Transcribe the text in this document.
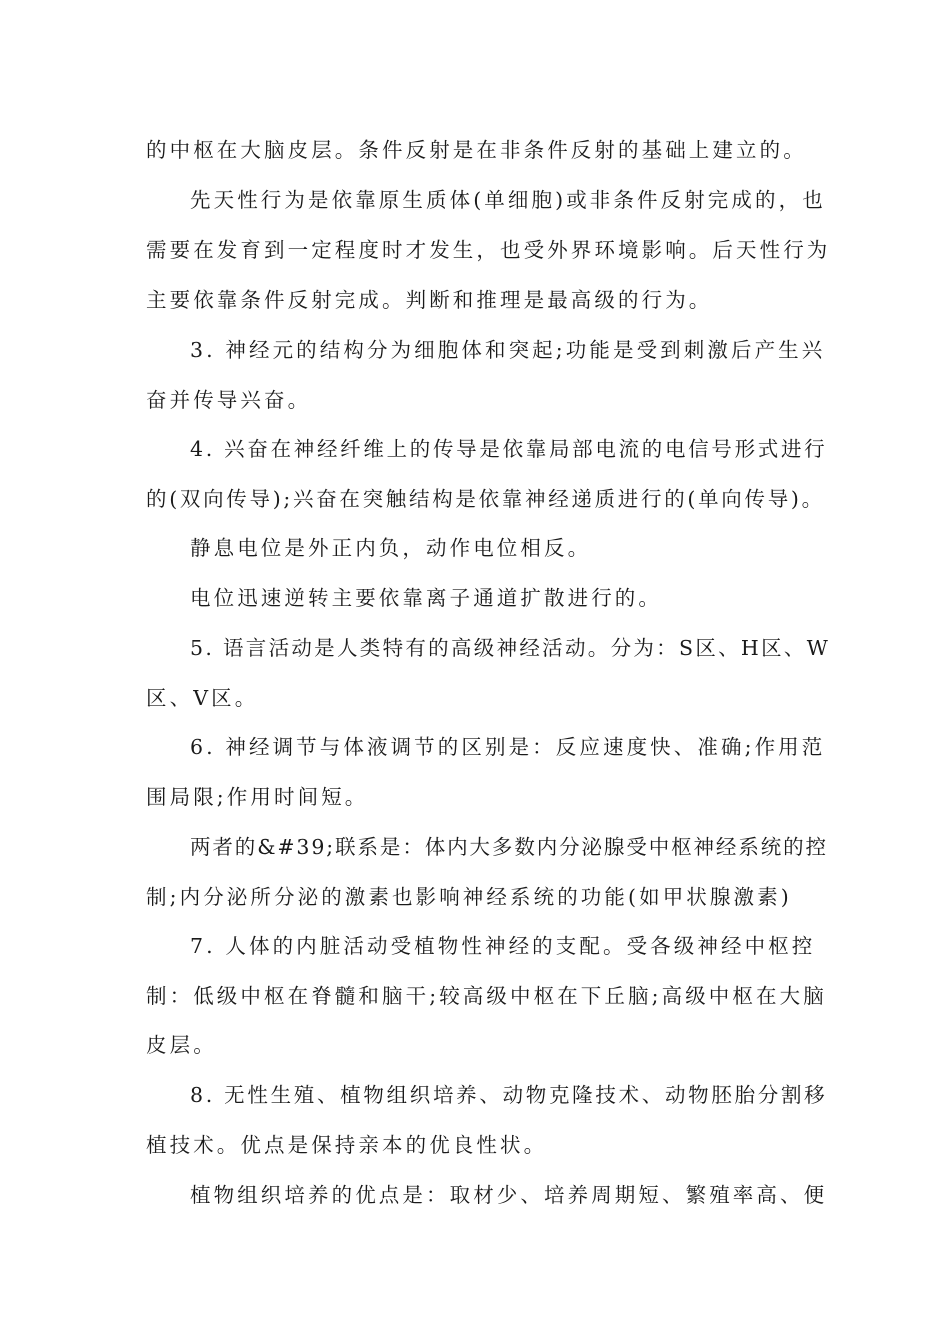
的中枢在大脑皮层。条件反射是在非条件反射的基础上建立的。
先天性行为是依靠原生质体(单细胞)或非条件反射完成的，也
需要在发育到一定程度时才发生，也受外界环境影响。后天性行为
主要依靠条件反射完成。判断和推理是最高级的行为。
3. 神经元的结构分为细胞体和突起;功能是受到刺激后产生兴
奋并传导兴奋。
4. 兴奋在神经纤维上的传导是依靠局部电流的电信号形式进行
的(双向传导);兴奋在突触结构是依靠神经递质进行的(单向传导)。
静息电位是外正内负，动作电位相反。
电位迅速逆转主要依靠离子通道扩散进行的。
5. 语言活动是人类特有的高级神经活动。分为：S区、H区、W
区、V区。
6. 神经调节与体液调节的区别是：反应速度快、准确;作用范
围局限;作用时间短。
两者的&#39;联系是：体内大多数内分泌腺受中枢神经系统的控
制;内分泌所分泌的激素也影响神经系统的功能(如甲状腺激素)
7. 人体的内脏活动受植物性神经的支配。受各级神经中枢控
制：低级中枢在脊髓和脑干;较高级中枢在下丘脑;高级中枢在大脑
皮层。
8. 无性生殖、植物组织培养、动物克隆技术、动物胚胎分割移
植技术。优点是保持亲本的优良性状。
植物组织培养的优点是：取材少、培养周期短、繁殖率高、便
